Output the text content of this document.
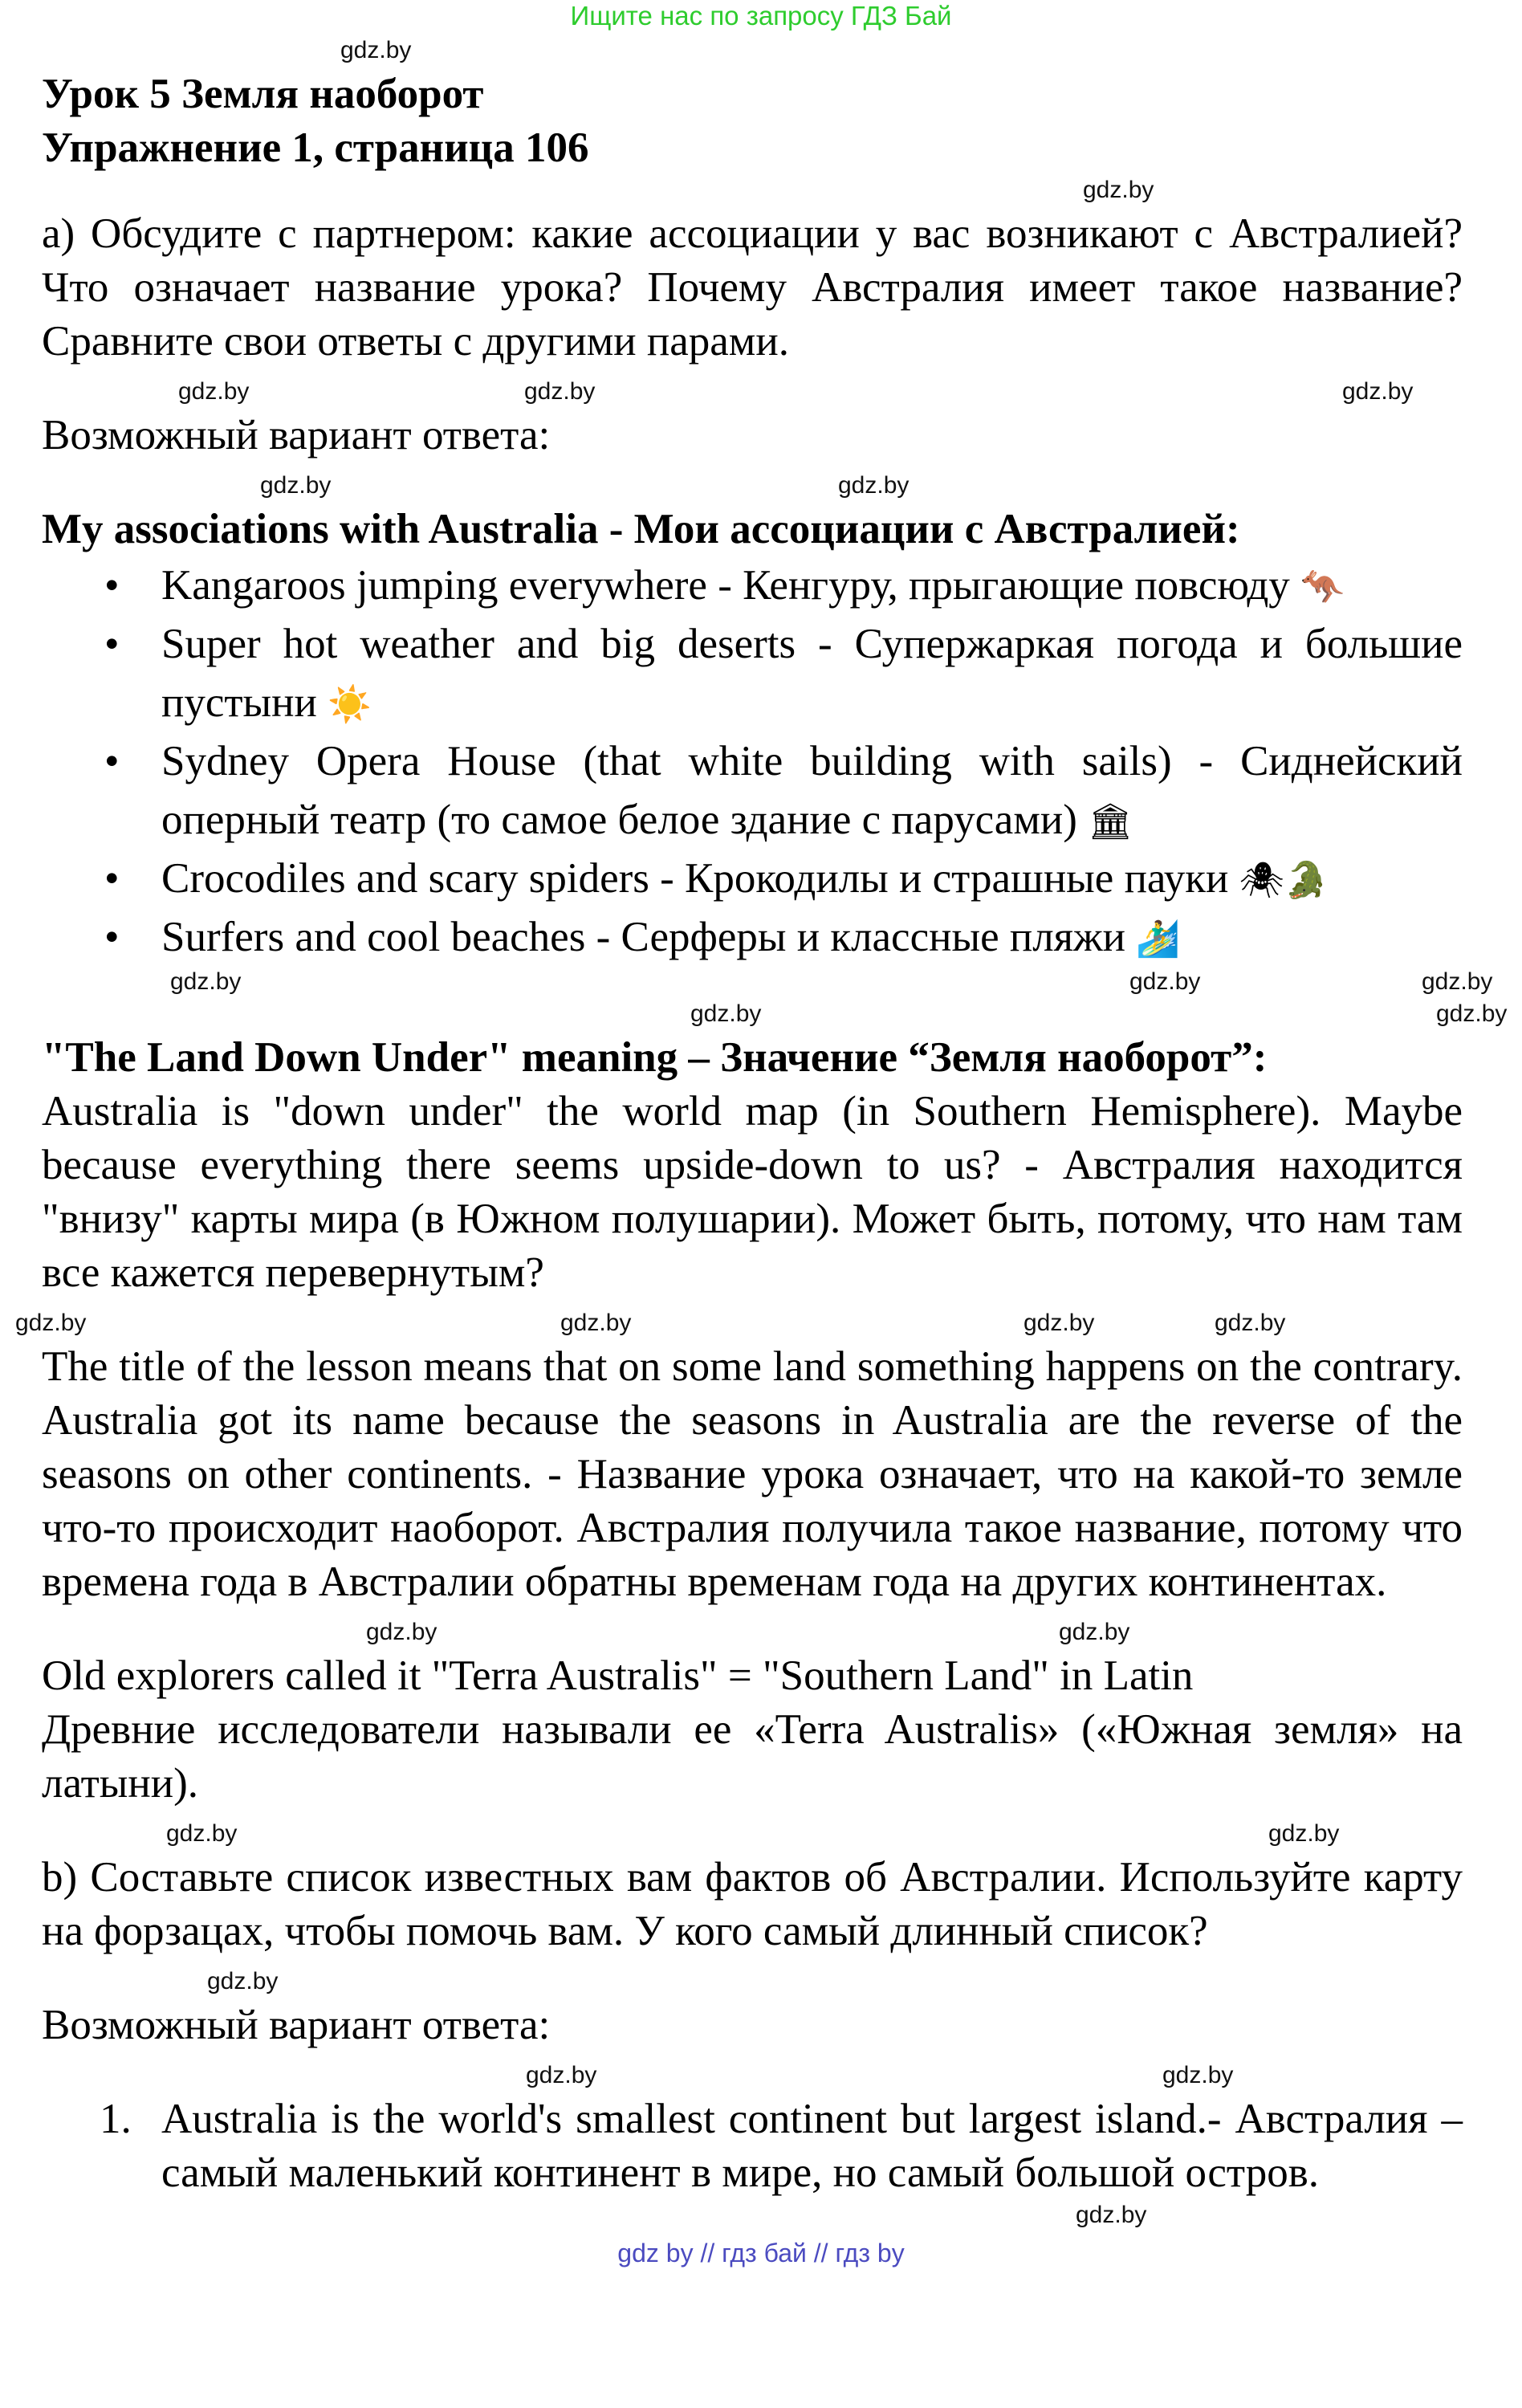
Ищите нас по запросу ГДЗ Бай
gdz.by
Урок 5 Земля наоборот
Упражнение 1, страница 106
gdz.by

а) Обсудите с партнером: какие ассоциации у вас возникают с Австралией? Что означает название урока? Почему Австралия имеет такое название? Сравните свои ответы с другими парами.

gdz.by	gdz.by	gdz.by

Возможный вариант ответа:

gdz.by	gdz.by

My associations with Australia - Мои ассоциации с Австралией:

• Kangaroos jumping everywhere - Кенгуру, прыгающие повсюду 🦘
• Super hot weather and big deserts - Супержаркая погода и большие пустыни ☀️
• Sydney Opera House (that white building with sails) - Сиднейский оперный театр (то самое белое здание с парусами) 🏛
• Crocodiles and scary spiders - Крокодилы и страшные пауки 🕷🐊
• Surfers and cool beaches - Серферы и классные пляжи 🏄‍♂️
gdz.by	gdz.by	gdz.by
gdz.by	gdz.by

"The Land Down Under" meaning – Значение “Земля наоборот”:

Australia is "down under" the world map (in Southern Hemisphere). Maybe because everything there seems upside-down to us? - Австралия находится "внизу" карты мира (в Южном полушарии). Может быть, потому, что нам там все кажется перевернутым?

gdz.by	gdz.by	gdz.by	gdz.by

The title of the lesson means that on some land something happens on the contrary. Australia got its name because the seasons in Australia are the reverse of the seasons on other continents. - Название урока означает, что на какой-то земле что-то происходит наоборот. Австралия получила такое название, потому что времена года в Австралии обратны временам года на других континентах.

gdz.by	gdz.by
Old explorers called it "Terra Australis" = "Southern Land" in Latin
Древние исследователи называли ее «Terra Australis» («Южная земля» на латыни).
gdz.by	gdz.by

b) Составьте список известных вам фактов об Австралии. Используйте карту на форзацах, чтобы помочь вам. У кого самый длинный список?

gdz.by

Возможный вариант ответа:

gdz.by	gdz.by
1. Australia is the world's smallest continent but largest island.- Австралия –самый маленький континент в мире, но самый большой остров.
gdz.by
gdz by // гдз бай // гдз by
